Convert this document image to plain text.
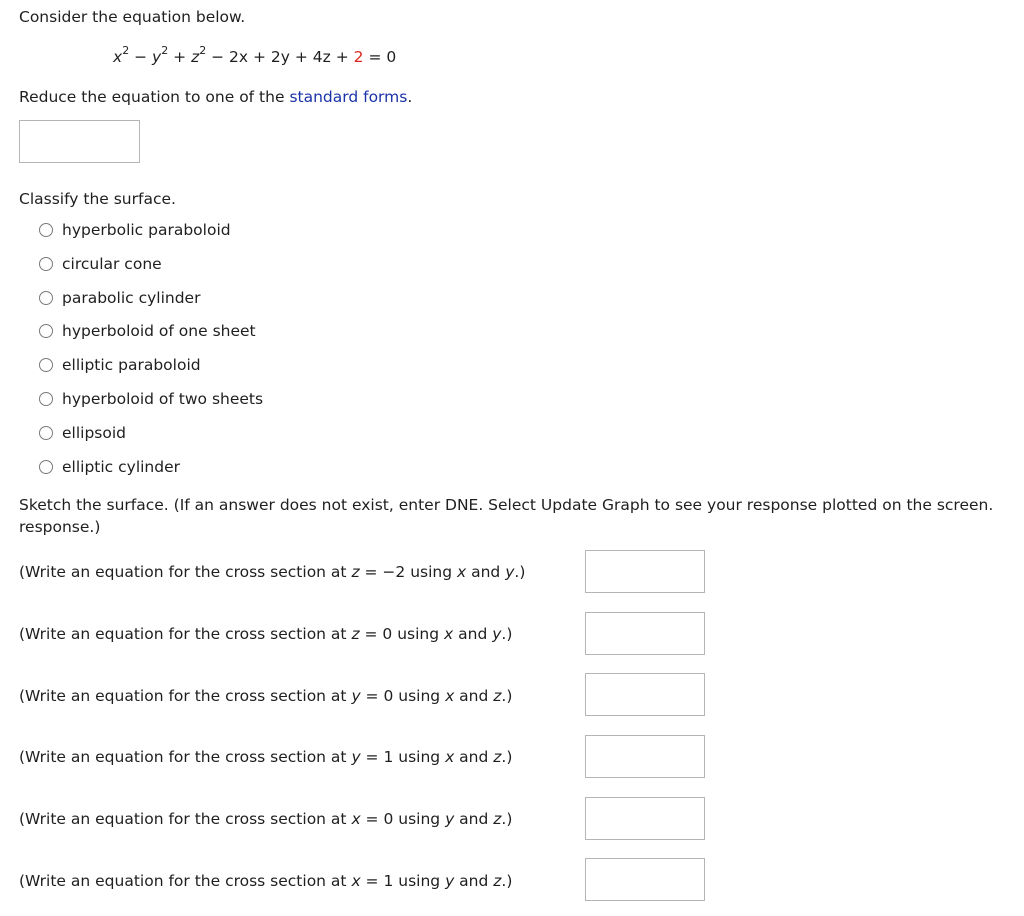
Consider the equation below.
$x^2 - y^2 + z^2 - 2x + 2y + 4z + 2 = 0$
Reduce the equation to one of the standard forms.
Classify the surface.
hyperbolic paraboloid
circular cone
parabolic cylinder
hyperboloid of one sheet
elliptic paraboloid
hyperboloid of two sheets
ellipsoid
elliptic cylinder
Sketch the surface. (If an answer does not exist, enter DNE. Select Update Graph to see your response plotted on the screen.
response.)
(Write an equation for the cross section at z = −2 using x and y.)
(Write an equation for the cross section at z = 0 using x and y.)
(Write an equation for the cross section at y = 0 using x and z.)
(Write an equation for the cross section at y = 1 using x and z.)
(Write an equation for the cross section at x = 0 using y and z.)
(Write an equation for the cross section at x = 1 using y and z.)
